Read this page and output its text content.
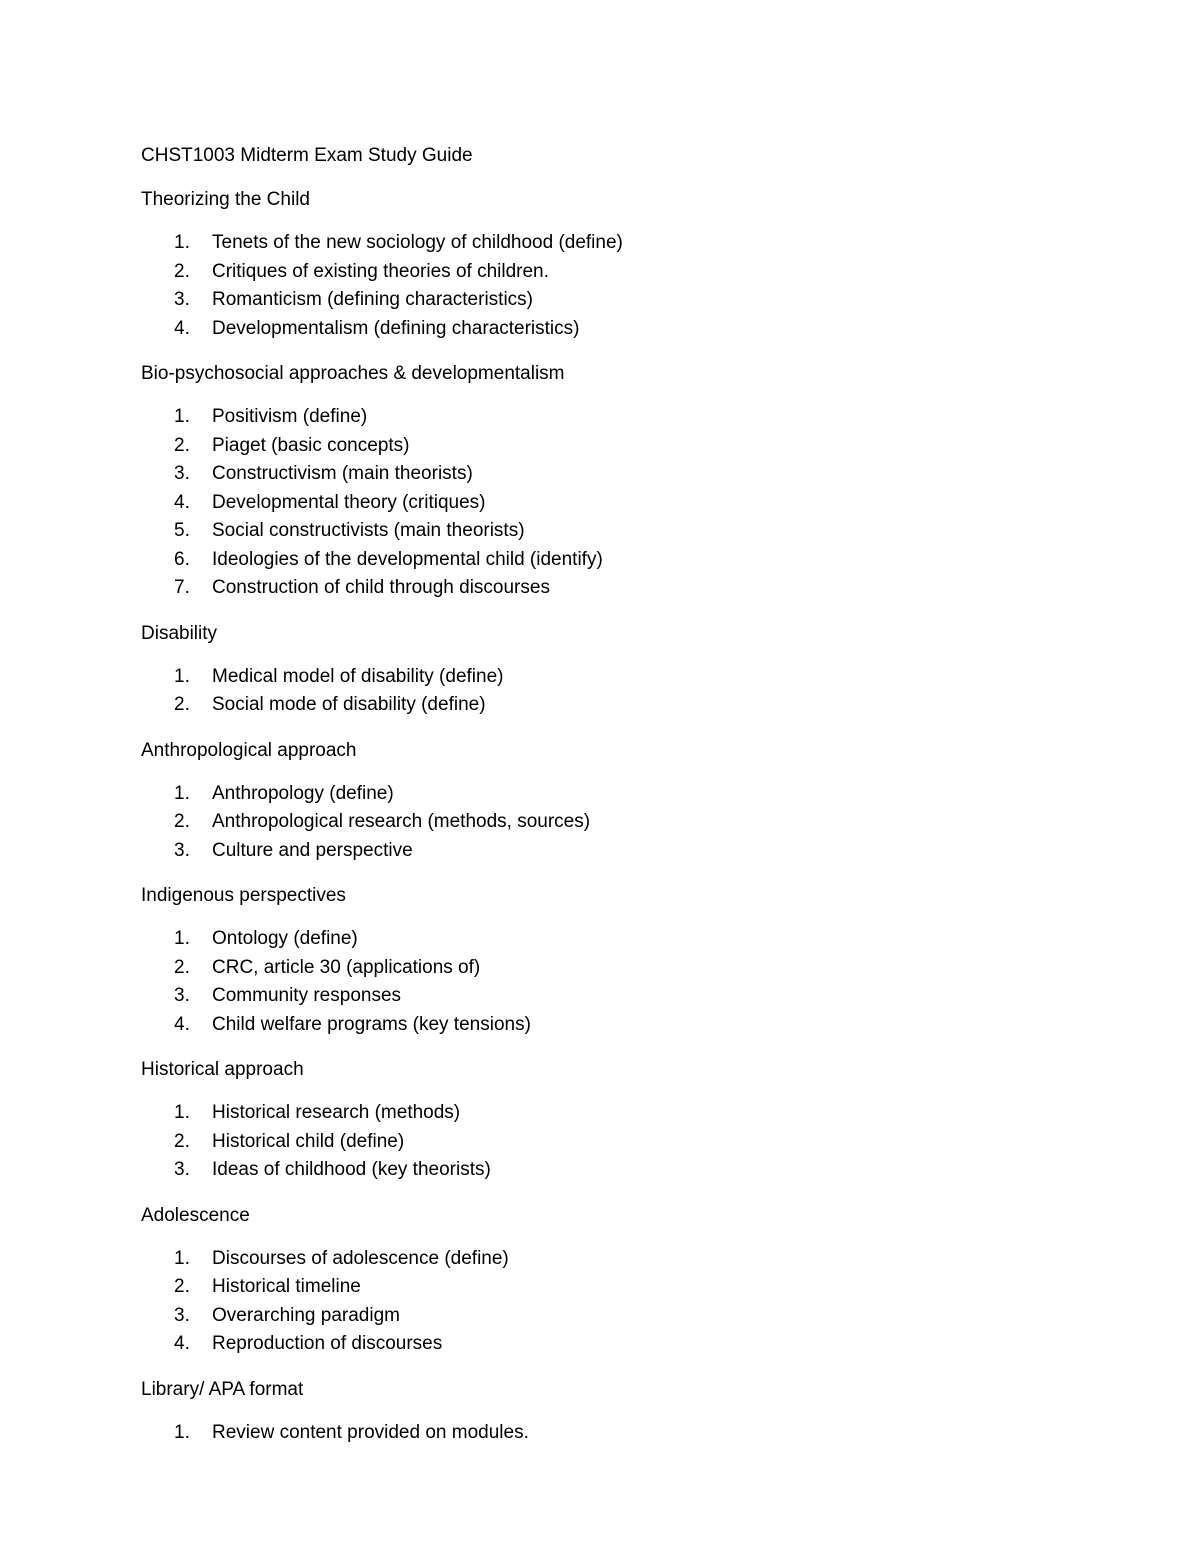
CHST1003 Midterm Exam Study Guide
Theorizing the Child
1. Tenets of the new sociology of childhood (define)
2. Critiques of existing theories of children.
3. Romanticism (defining characteristics)
4. Developmentalism (defining characteristics)
Bio-psychosocial approaches & developmentalism
1. Positivism (define)
2. Piaget (basic concepts)
3. Constructivism (main theorists)
4. Developmental theory (critiques)
5. Social constructivists (main theorists)
6. Ideologies of the developmental child (identify)
7. Construction of child through discourses
Disability
1. Medical model of disability (define)
2. Social mode of disability (define)
Anthropological approach
1. Anthropology (define)
2. Anthropological research (methods, sources)
3. Culture and perspective
Indigenous perspectives
1. Ontology (define)
2. CRC, article 30 (applications of)
3. Community responses
4. Child welfare programs (key tensions)
Historical approach
1. Historical research (methods)
2. Historical child (define)
3. Ideas of childhood (key theorists)
Adolescence
1. Discourses of adolescence (define)
2. Historical timeline
3. Overarching paradigm
4. Reproduction of discourses
Library/ APA format
1. Review content provided on modules.
